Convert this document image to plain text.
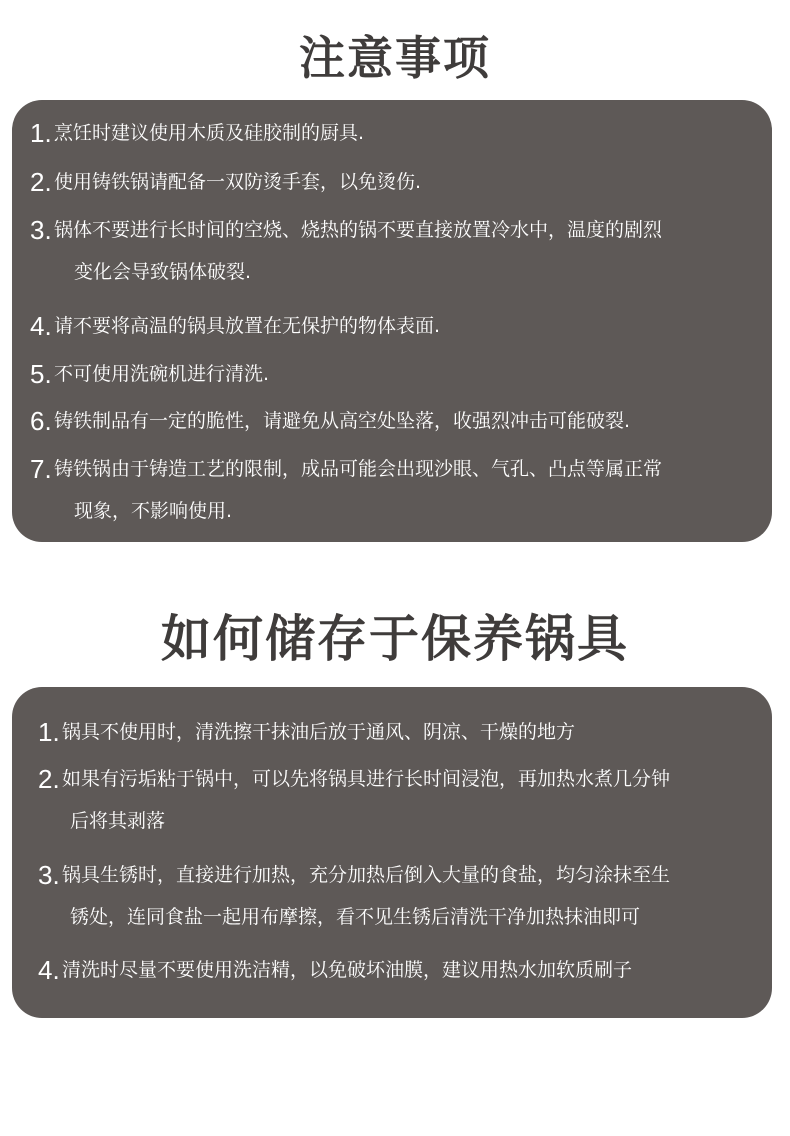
注意事项
1. 烹饪时建议使用木质及硅胶制的厨具.
2. 使用铸铁锅请配备一双防烫手套，以免烫伤.
3. 锅体不要进行长时间的空烧、烧热的锅不要直接放置冷水中，温度的剧烈
变化会导致锅体破裂.
4. 请不要将高温的锅具放置在无保护的物体表面.
5. 不可使用洗碗机进行清洗.
6. 铸铁制品有一定的脆性，请避免从高空处坠落，收强烈冲击可能破裂.
7. 铸铁锅由于铸造工艺的限制，成品可能会出现沙眼、气孔、凸点等属正常
现象，不影响使用.
如何储存于保养锅具
1. 锅具不使用时，清洗擦干抹油后放于通风、阴凉、干燥的地方
2. 如果有污垢粘于锅中，可以先将锅具进行长时间浸泡，再加热水煮几分钟
后将其剥落
3. 锅具生锈时，直接进行加热，充分加热后倒入大量的食盐，均匀涂抹至生
锈处，连同食盐一起用布摩擦，看不见生锈后清洗干净加热抹油即可
4. 清洗时尽量不要使用洗洁精，以免破坏油膜，建议用热水加软质刷子
